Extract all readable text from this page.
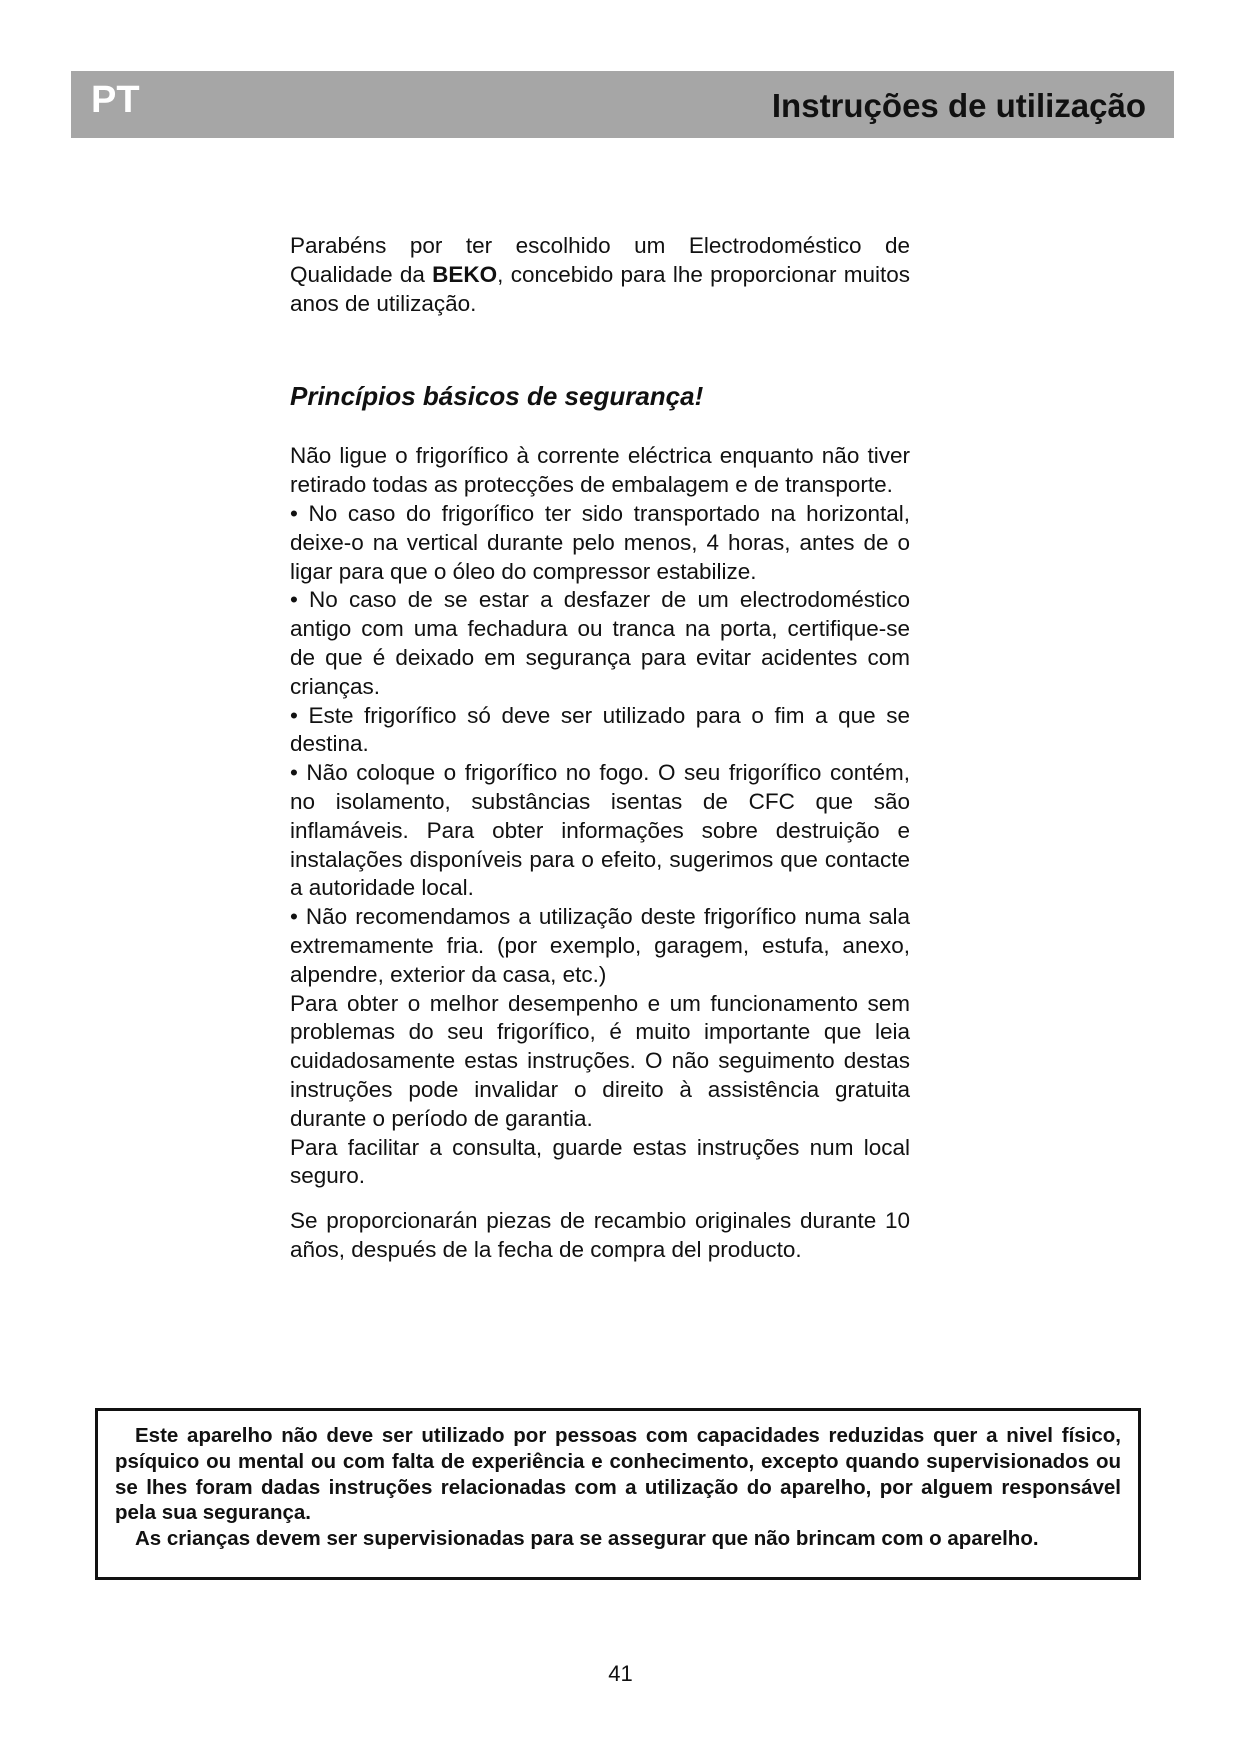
PT	Instruções de utilização

Parabéns por ter escolhido um Electrodoméstico de Qualidade da BEKO, concebido para lhe proporcionar muitos anos de utilização.

Princípios básicos de segurança!

Não ligue o frigorífico à corrente eléctrica enquanto não tiver retirado todas as protecções de embalagem e de transporte.

• No caso do frigorífico ter sido transportado na horizontal, deixe-o na vertical durante pelo menos, 4 horas, antes de o ligar para que o óleo do compressor estabilize.

• No caso de se estar a desfazer de um electrodoméstico antigo com uma fechadura ou tranca na porta, certifique-se de que é deixado em segurança para evitar acidentes com crianças.

• Este frigorífico só deve ser utilizado para o fim a que se destina.

• Não coloque o frigorífico no fogo. O seu frigorífico contém, no isolamento, substâncias isentas de CFC que são inflamáveis. Para obter informações sobre destruição e instalações disponíveis para o efeito, sugerimos que contacte a autoridade local.

• Não recomendamos a utilização deste frigorífico numa sala extremamente fria. (por exemplo, garagem, estufa, anexo, alpendre, exterior da casa, etc.)

Para obter o melhor desempenho e um funcionamento sem problemas do seu frigorífico, é muito importante que leia cuidadosamente estas instruções. O não seguimento destas instruções pode invalidar o direito à assistência gratuita durante o período de garantia.

Para facilitar a consulta, guarde estas instruções num local seguro.

Se proporcionarán piezas de recambio originales durante 10 años, después de la fecha de compra del producto.

Este aparelho não deve ser utilizado por pessoas com capacidades reduzidas quer a nivel físico, psíquico ou mental ou com falta de experiência e conhecimento, excepto quando supervisionados ou se lhes foram dadas instruções relacionadas com a utilização do aparelho, por alguem responsável pela sua segurança.

As crianças devem ser supervisionadas para se assegurar que não brincam com o aparelho.

41
